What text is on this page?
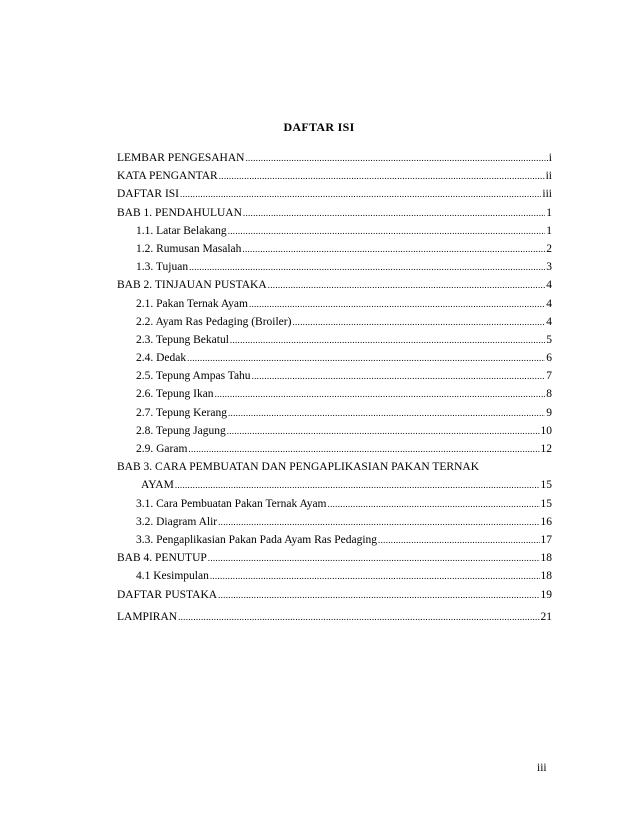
DAFTAR ISI
LEMBAR PENGESAHAN .....	i
KATA PENGANTAR .....	ii
DAFTAR ISI .....	iii
BAB 1. PENDAHULUAN .....	1
1.1. Latar Belakang .....	1
1.2. Rumusan Masalah .....	2
1.3. Tujuan .....	3
BAB 2. TINJAUAN PUSTAKA .....	4
2.1. Pakan Ternak Ayam .....	4
2.2. Ayam Ras Pedaging (Broiler) .....	4
2.3. Tepung Bekatul .....	5
2.4. Dedak .....	6
2.5. Tepung Ampas Tahu .....	7
2.6. Tepung Ikan .....	8
2.7. Tepung Kerang .....	9
2.8. Tepung Jagung .....	10
2.9. Garam .....	12
BAB 3. CARA PEMBUATAN DAN PENGAPLIKASIAN PAKAN TERNAK
AYAM .....	15
3.1. Cara Pembuatan Pakan Ternak Ayam .....	15
3.2. Diagram Alir .....	16
3.3. Pengaplikasian Pakan Pada Ayam Ras Pedaging .....	17
BAB 4. PENUTUP .....	18
4.1 Kesimpulan .....	18
DAFTAR PUSTAKA .....	19
LAMPIRAN .....	21
iii
